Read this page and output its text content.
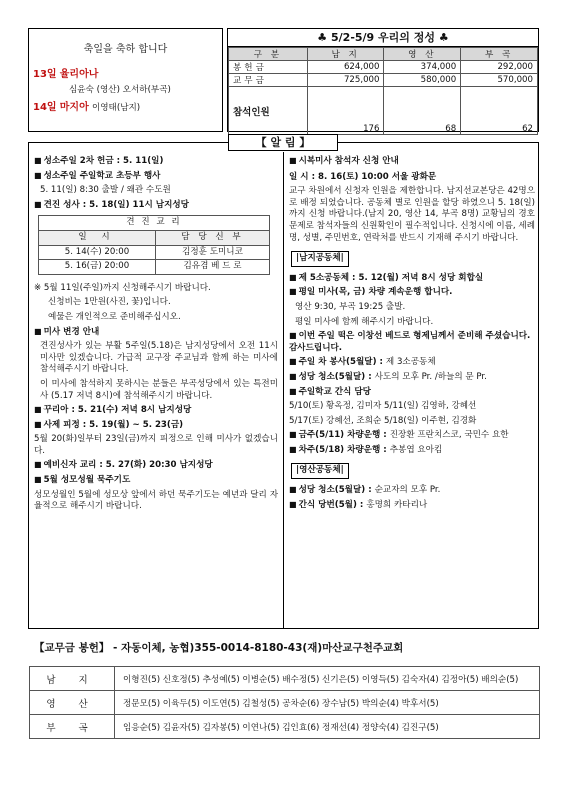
축일을 축하 합니다
13일 율리아나
심윤숙 (영산) 오서하(부곡)
14일 마지아 이영태(남지)
♣ 5/2-5/9 우리의 정성 ♣
구 분	남 지	영 산	부 곡
봉헌금	624,000	374,000	292,000
교무금	725,000	580,000	570,000
참석인원	176	68	62
【 알 림 】
■ 성소주일 2차 헌금 : 5. 11(일)
■ 성소주일 주일학교 초등부 행사
5. 11(일) 8:30 출발 / 왜관 수도원
■ 견진 성사 : 5. 18(일) 11시 남지성당
견 진 교 리	
일 시	담 당 신 부
5. 14(수) 20:00	김정훈 도미니코
5. 16(금) 20:00	김유겸 베 드 로
※ 5월 11일(주일)까지 신청해주시기 바랍니다.
신청비는 1만원(사진, 꽃)입니다.
예물은 개인적으로 준비해주십시오.
■ 미사 변경 안내
견진성사가 있는 부활 5주일(5.18)은 남지성당에서 오전 11시 미사만 있겠습니다. 가급적 교구장 주교님과 함께 하는 미사에 참석해주시기 바랍니다.
이 미사에 참석하지 못하시는 분들은 부곡성당에서 있는 특전미사 (5.17 저녁 8시)에 참석해주시기 바랍니다.
■ 꾸리아 : 5. 21(수) 저녁 8시 남지성당
■ 사제 피정 : 5. 19(월) ~ 5. 23(금)
5월 20(화)일부터 23일(금)까지 피정으로 인해 미사가 없겠습니다.
■ 예비신자 교리 : 5. 27(화) 20:30 남지성당
■ 5월 성모성월 묵주기도
성모성월인 5월에 성모상 앞에서 하던 묵주기도는 예년과 달리 자율적으로 해주시기 바랍니다.
■ 시복미사 참석자 신청 안내
일 시 : 8. 16(토) 10:00 서울 광화문
교구 차원에서 신청자 인원을 제한합니다. 남지선교본당은 42명으로 배정 되었습니다. 공동체 별로 인원을 할당 하였으니 5. 18(일)까지 신청 바랍니다.(남지 20, 영산 14, 부곡 8명) 교황님의 경호문제로 참석자들의 신원확인이 필수적입니다. 신청시에 이름, 세례명, 성별, 주민번호, 연락처를 반드시 기재해 주시기 바랍니다.
|남지공동체|
■ 제 5소공동체 : 5. 12(월) 저녁 8시 성당 회합실
■ 평일 미사(목, 금) 차량 계속운행 합니다.
영산 9:30, 부곡 19:25 출발.
평일 미사에 함께 해주시기 바랍니다.
■ 이번 주일 떡은 이창선 베드로 형제님께서 준비해 주셨습니다. 감사드립니다.
■ 주일 차 봉사(5월달) : 제 3소공동체
■ 성당 청소(5월달) : 사도의 모후 Pr. /하늘의 문 Pr.
■ 주일학교 간식 담당
5/10(토) 황옥정, 김미자 5/11(일) 김영하, 강혜선
5/17(토) 강혜선, 조희순 5/18(일) 이주현, 김경화
■ 금주(5/11) 차량운행 : 진장환 프란치스코, 국민수 요한
■ 차주(5/18) 차량운행 : 추봉엽 요아킴
|영산공동체|
■ 성당 청소(5월달) : 순교자의 모후 Pr.
■ 간식 당번(5월) : 홍명희 카타리나
【교무금 봉헌】 - 자동이체, 농협)355-0014-8180-43(재)마산교구천주교회
남 지	이형진(5) 신호정(5) 추성예(5) 이병순(5) 배수정(5) 신기은(5) 이영득(5) 김숙자(4) 김정아(5) 배의순(5)
영 산	정문모(5) 이육두(5) 이도연(5) 김철성(5) 공차순(6) 장수남(5) 박의순(4) 박후서(5)
부 곡	임응순(5) 김윤자(5) 김자봉(5) 이연나(5) 김인효(6) 정재선(4) 정양숙(4) 김진구(5)
